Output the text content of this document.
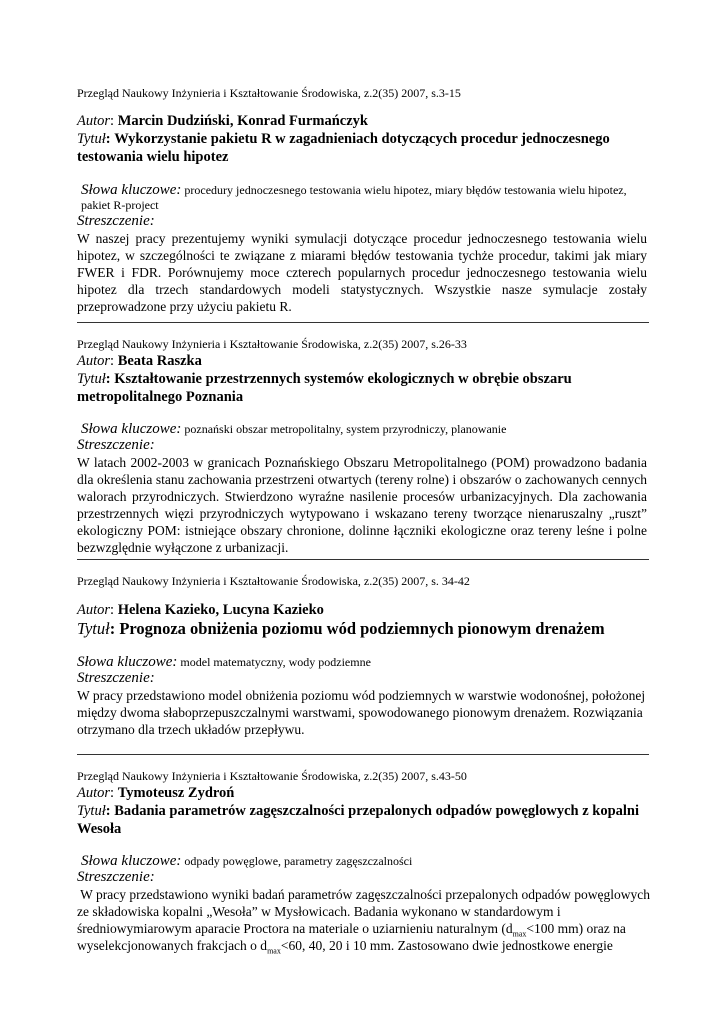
Przegląd Naukowy Inżynieria i Kształtowanie Środowiska, z.2(35) 2007, s.3-15
Autor: Marcin Dudziński, Konrad Furmańczyk
Tytuł: Wykorzystanie pakietu R w zagadnieniach dotyczących procedur jednoczesnego testowania wielu hipotez
Słowa kluczowe: procedury jednoczesnego testowania wielu hipotez, miary błędów testowania wielu hipotez, pakiet R-project
Streszczenie:
W naszej pracy prezentujemy wyniki symulacji dotyczące procedur jednoczesnego testowania wielu hipotez, w szczególności te związane z miarami błędów testowania tychże procedur, takimi jak miary FWER i FDR. Porównujemy moce czterech popularnych procedur jednoczesnego testowania wielu hipotez dla trzech standardowych modeli statystycznych. Wszystkie nasze symulacje zostały przeprowadzone przy użyciu pakietu R.
Przegląd Naukowy Inżynieria i Kształtowanie Środowiska, z.2(35) 2007, s.26-33
Autor: Beata Raszka
Tytuł: Kształtowanie przestrzennych systemów ekologicznych w obrębie obszaru metropolitalnego Poznania
Słowa kluczowe: poznański obszar metropolitalny, system przyrodniczy, planowanie
Streszczenie:
W latach 2002-2003 w granicach Poznańskiego Obszaru Metropolitalnego (POM) prowadzono badania dla określenia stanu zachowania przestrzeni otwartych (tereny rolne) i obszarów o zachowanych cennych walorach przyrodniczych. Stwierdzono wyraźne nasilenie procesów urbanizacyjnych. Dla zachowania przestrzennych więzi przyrodniczych wytypowano i wskazano tereny tworzące nienaruszalny „ruszt” ekologiczny POM: istniejące obszary chronione, dolinne łączniki ekologiczne oraz tereny leśne i polne bezwzględnie wyłączone z urbanizacji.
Przegląd Naukowy Inżynieria i Kształtowanie Środowiska, z.2(35) 2007, s. 34-42
Autor: Helena Kazieko, Lucyna Kazieko
Tytuł: Prognoza obniżenia poziomu wód podziemnych pionowym drenażem
Słowa kluczowe: model matematyczny, wody podziemne
Streszczenie:
W pracy przedstawiono model obniżenia poziomu wód podziemnych w warstwie wodonośnej, położonej
między dwoma słaboprzepuszczalnymi warstwami, spowodowanego pionowym drenażem. Rozwiązania
otrzymano dla trzech układów przepływu.
Przegląd Naukowy Inżynieria i Kształtowanie Środowiska, z.2(35) 2007, s.43-50
Autor: Tymoteusz Zydroń
Tytuł: Badania parametrów zagęszczalności przepalonych odpadów powęglowych z kopalni Wesoła
Słowa kluczowe: odpady powęglowe, parametry zagęszczalności
Streszczenie:
W pracy przedstawiono wyniki badań parametrów zagęszczalności przepalonych odpadów powęglowych
ze składowiska kopalni „Wesoła” w Mysłowicach. Badania wykonano w standardowym i
średniowymiarowym aparacie Proctora na materiale o uziarnieniu naturalnym ($d_{max}<100$ mm) oraz na
wyselekcjonowanych frakcjach o $d_{max}<60$, 40, 20 i 10 mm. Zastosowano dwie jednostkowe energie
